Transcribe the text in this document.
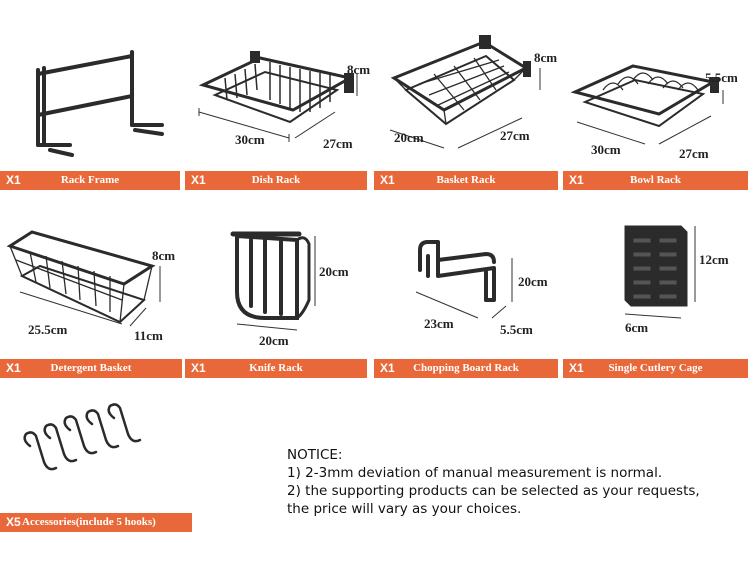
X1	Rack Frame
8cm
30cm	27cm
X1	Dish Rack
8cm
20cm	27cm
X1	Basket Rack
5.5cm
30cm	27cm
X1	Bowl Rack
8cm
25.5cm	11cm
X1	Detergent Basket
20cm
20cm
X1	Knife Rack
20cm
23cm	5.5cm
X1	Chopping Board Rack
12cm
6cm
X1	Single Cutlery Cage
X5 Accessories(include 5 hooks)
NOTICE:
1) 2-3mm deviation of manual measurement is normal.
2) the supporting products can be selected as your requests,
the price will vary as your choices.
